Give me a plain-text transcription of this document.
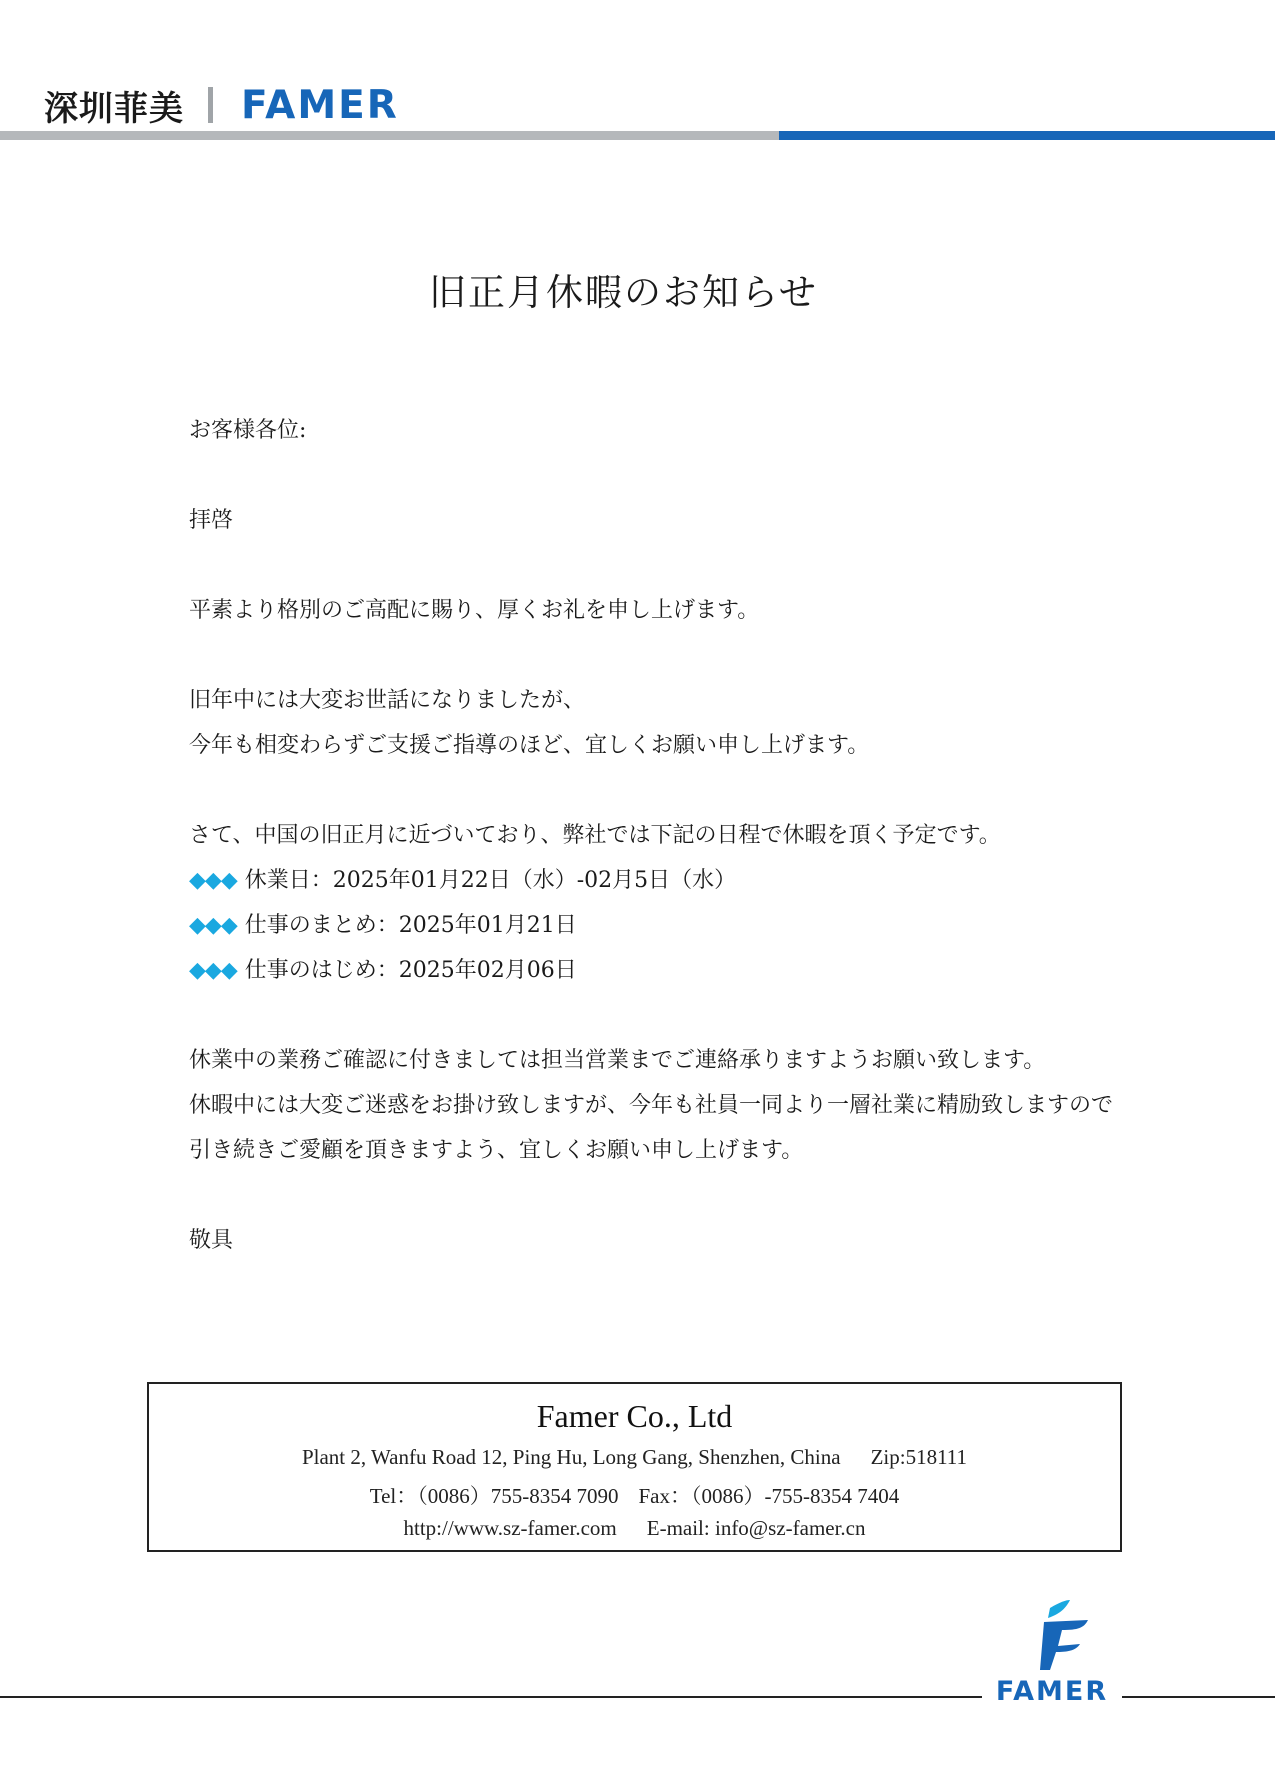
深圳菲美 FAMER
旧正月休暇のお知らせ
お客様各位:
拝啓
平素より格別のご高配に賜り、厚くお礼を申し上げます。
旧年中には大変お世話になりましたが、
今年も相変わらずご支援ご指導のほど、宜しくお願い申し上げます。
さて、中国の旧正月に近づいており、弊社では下記の日程で休暇を頂く予定です。
◆◆◆ 休業日：2025年01月22日（水）-02月5日（水）
◆◆◆ 仕事のまとめ：2025年01月21日
◆◆◆ 仕事のはじめ：2025年02月06日
休業中の業務ご確認に付きましては担当営業までご連絡承りますようお願い致します。
休暇中には大変ご迷惑をお掛け致しますが、今年も社員一同より一層社業に精励致しますので
引き続きご愛顧を頂きますよう、宜しくお願い申し上げます。
敬具
Famer Co., Ltd
Plant 2, Wanfu Road 12, Ping Hu, Long Gang, Shenzhen, China Zip:518111
Tel：（0086）755-8354 7090 Fax：（0086）-755-8354 7404
http://www.sz-famer.com E-mail: info@sz-famer.cn
FAMER
